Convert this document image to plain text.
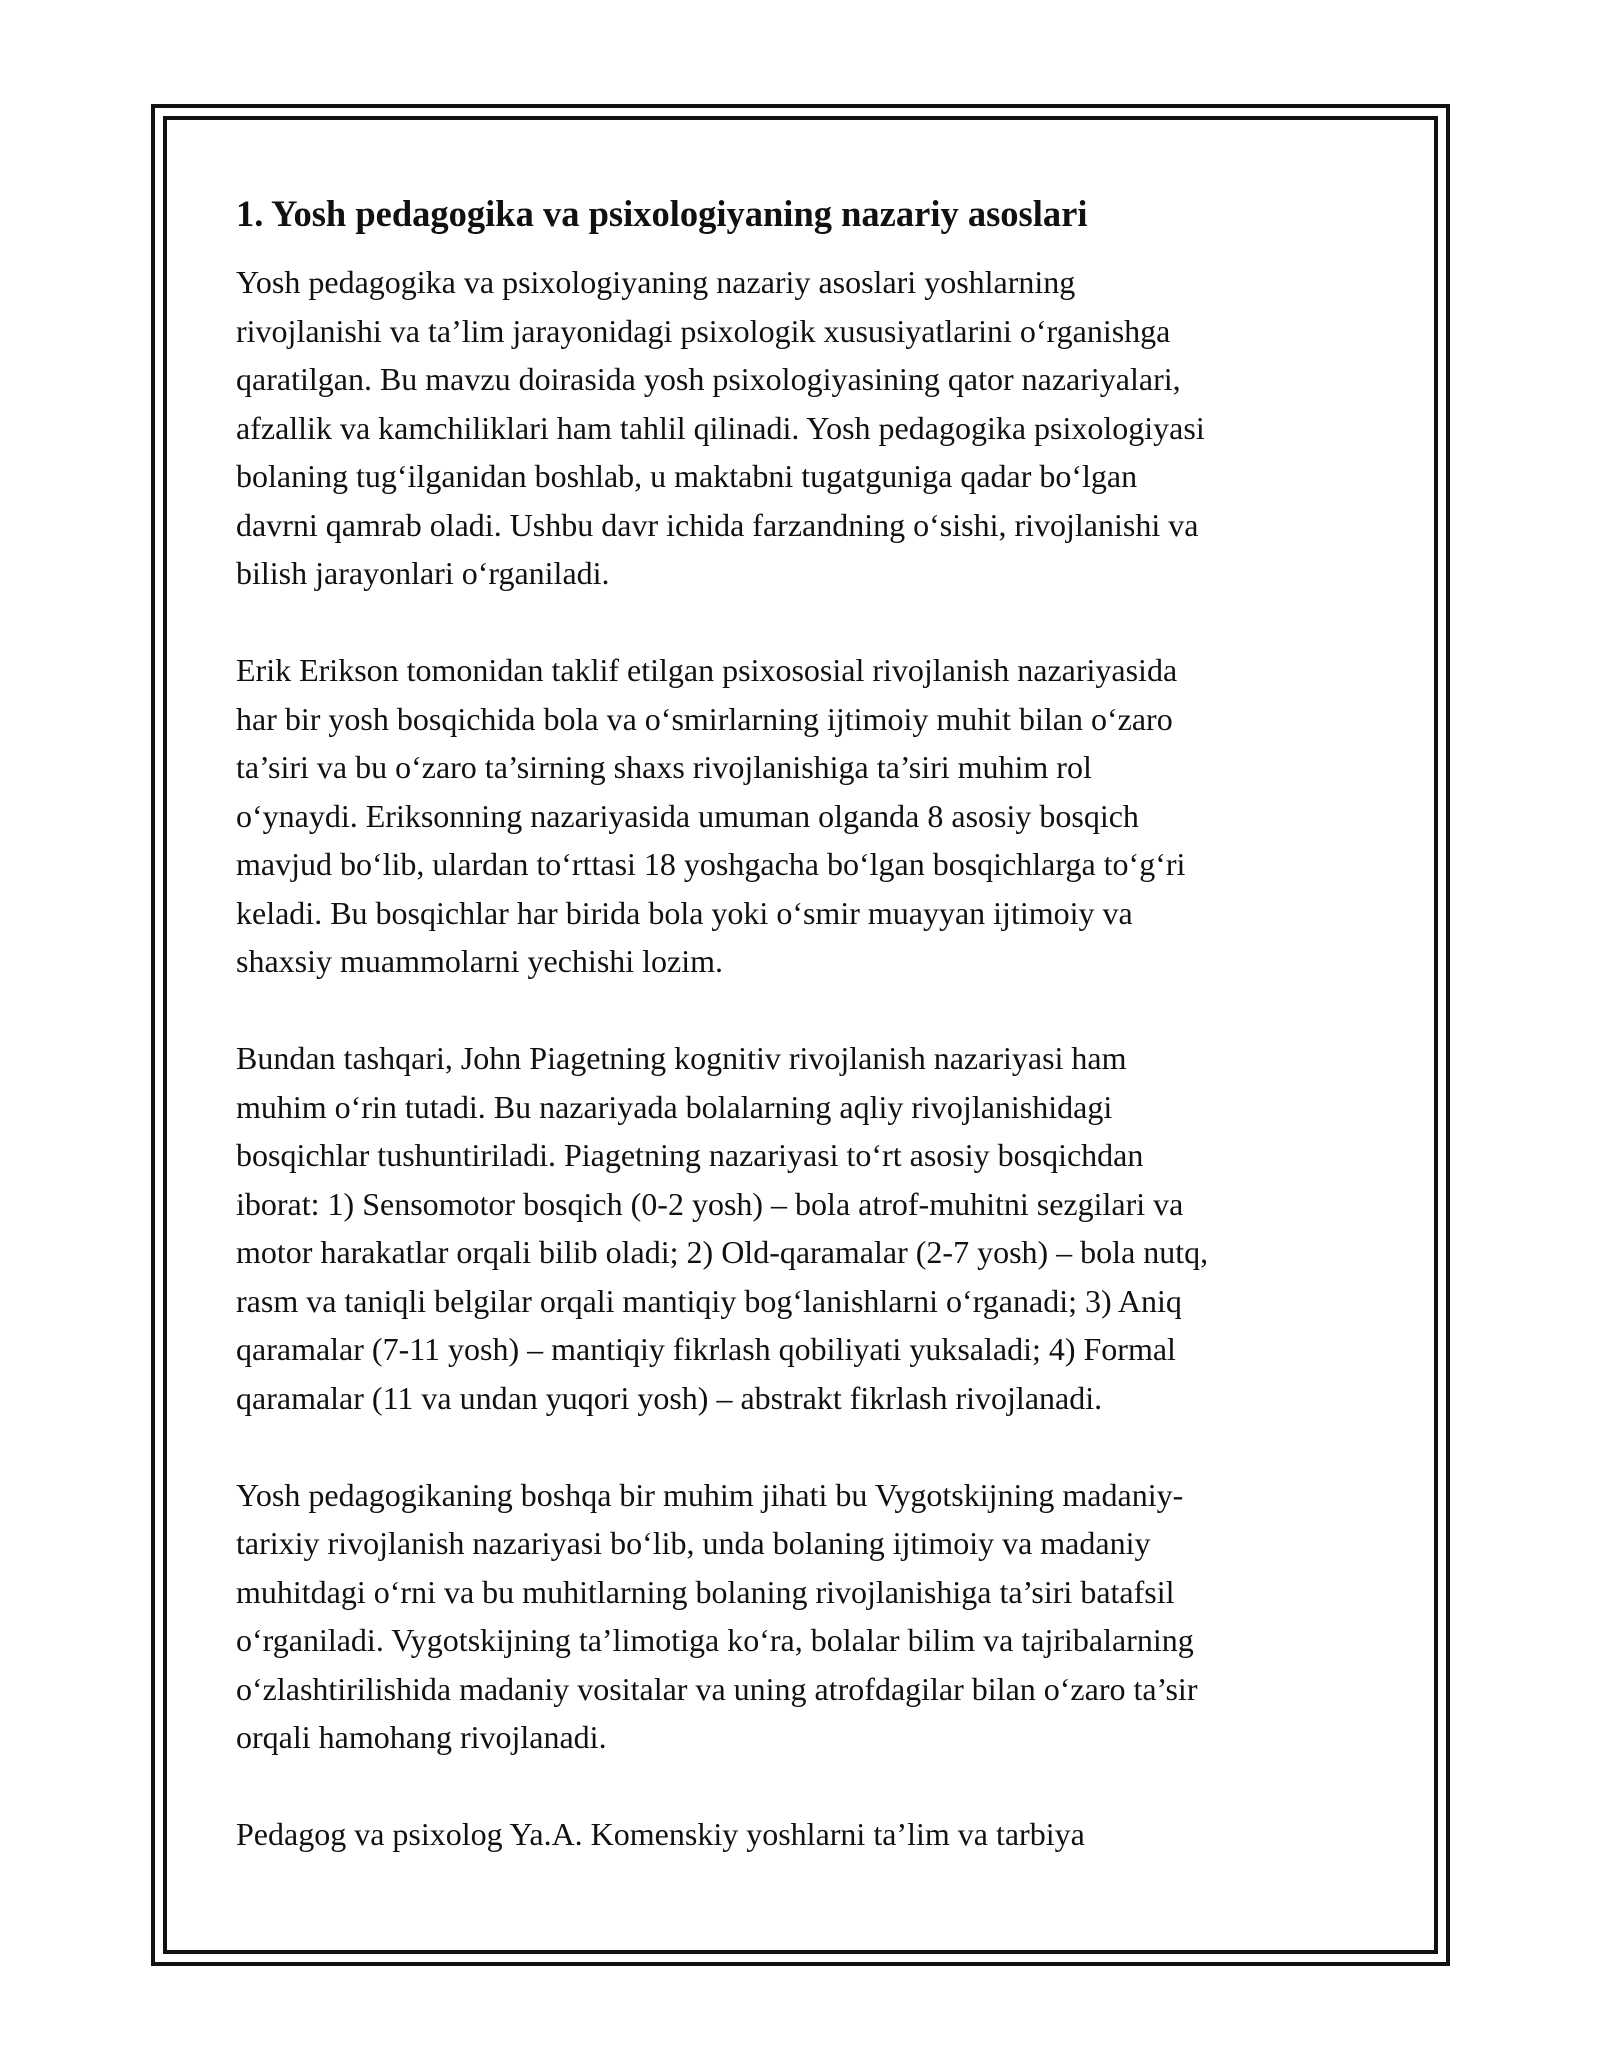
1. Yosh pedagogika va psixologiyaning nazariy asoslari
Yosh pedagogika va psixologiyaning nazariy asoslari yoshlarning
rivojlanishi va ta’lim jarayonidagi psixologik xususiyatlarini o‘rganishga
qaratilgan. Bu mavzu doirasida yosh psixologiyasining qator nazariyalari,
afzallik va kamchiliklari ham tahlil qilinadi. Yosh pedagogika psixologiyasi
bolaning tug‘ilganidan boshlab, u maktabni tugatguniga qadar bo‘lgan
davrni qamrab oladi. Ushbu davr ichida farzandning o‘sishi, rivojlanishi va
bilish jarayonlari o‘rganiladi.
Erik Erikson tomonidan taklif etilgan psixososial rivojlanish nazariyasida
har bir yosh bosqichida bola va o‘smirlarning ijtimoiy muhit bilan o‘zaro
ta’siri va bu o‘zaro ta’sirning shaxs rivojlanishiga ta’siri muhim rol
o‘ynaydi. Eriksonning nazariyasida umuman olganda 8 asosiy bosqich
mavjud bo‘lib, ulardan to‘rttasi 18 yoshgacha bo‘lgan bosqichlarga to‘g‘ri
keladi. Bu bosqichlar har birida bola yoki o‘smir muayyan ijtimoiy va
shaxsiy muammolarni yechishi lozim.
Bundan tashqari, John Piagetning kognitiv rivojlanish nazariyasi ham
muhim o‘rin tutadi. Bu nazariyada bolalarning aqliy rivojlanishidagi
bosqichlar tushuntiriladi. Piagetning nazariyasi to‘rt asosiy bosqichdan
iborat: 1) Sensomotor bosqich (0-2 yosh) – bola atrof-muhitni sezgilari va
motor harakatlar orqali bilib oladi; 2) Old-qaramalar (2-7 yosh) – bola nutq,
rasm va taniqli belgilar orqali mantiqiy bog‘lanishlarni o‘rganadi; 3) Aniq
qaramalar (7-11 yosh) – mantiqiy fikrlash qobiliyati yuksaladi; 4) Formal
qaramalar (11 va undan yuqori yosh) – abstrakt fikrlash rivojlanadi.
Yosh pedagogikaning boshqa bir muhim jihati bu Vygotskijning madaniy-
tarixiy rivojlanish nazariyasi bo‘lib, unda bolaning ijtimoiy va madaniy
muhitdagi o‘rni va bu muhitlarning bolaning rivojlanishiga ta’siri batafsil
o‘rganiladi. Vygotskijning ta’limotiga ko‘ra, bolalar bilim va tajribalarning
o‘zlashtirilishida madaniy vositalar va uning atrofdagilar bilan o‘zaro ta’sir
orqali hamohang rivojlanadi.
Pedagog va psixolog Ya.A. Komenskiy yoshlarni ta’lim va tarbiya
